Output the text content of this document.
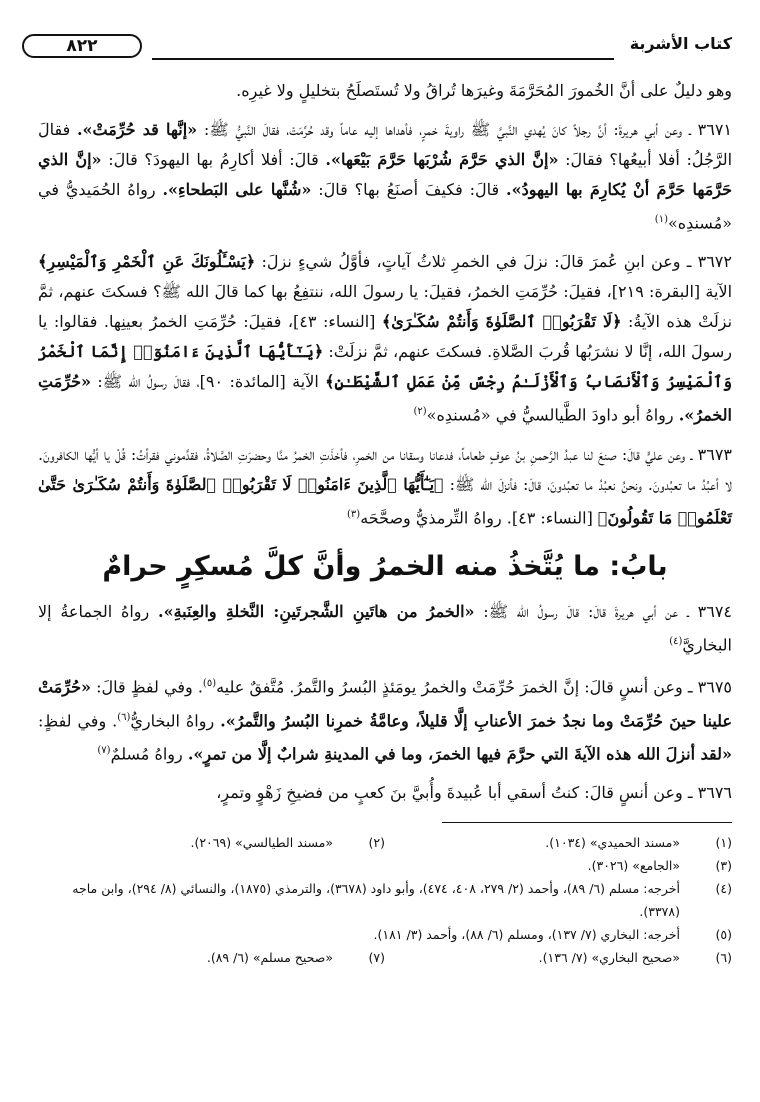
كتاب الأشربة
٨٢٢

وهو دليلٌ على أنَّ الخُمورَ المُحَرَّمَةَ وغيرَها تُراقُ ولا تُستَصلَحُ بتخليلٍ ولا غيرِه.

٣٦٧١ ـ وعن أبي هريرةَ: أنَّ رجلاً كانَ يُهدي النَّبيَّ ﷺ راويةَ خمرٍ، فأهداها إليه عاماً وقد حُرِّمَتْ، فقالَ النَّبيُّ ﷺ: «إنَّها قد حُرِّمَتْ». فقالَ الرَّجُلُ: أفلا أبيعُها؟ فقالَ: «إنَّ الذي حَرَّمَ شُرْبَها حَرَّمَ بَيْعَها». قالَ: أفلا أكارِمُ بها اليهودَ؟ قالَ: «إنَّ الذي حَرَّمَها حَرَّمَ أنْ يُكارِمَ بها اليهودُ». قالَ: فكيفَ أصنَعُ بها؟ قالَ: «شُنَّها على البَطحاءِ». رواهُ الحُمَيديُّ في «مُسندِه»$^{(١)}$

٣٦٧٢ ـ وعن ابنِ عُمرَ قالَ: نزلَ في الخمرِ ثلاثُ آياتٍ، فأوَّلُ شيءٍ نزلَ: ﴿يَسْـَٔلُونَكَ عَنِ ٱلْخَمْرِ وَٱلْمَيْسِرِ﴾ الآية [البقرة: ٢١٩]، فقيلَ: حُرِّمَتِ الخمرُ، فقيلَ: يا رسولَ الله، ننتفِعُ بها كما قالَ الله ﷺ؟ فسكتَ عنهم، ثمَّ نزلَتْ هذه الآيةُ: ﴿لَا تَقْرَبُوا۟ ٱلصَّلَوٰةَ وَأَنتُمْ سُكَـٰرَىٰ﴾ [النساء: ٤٣]، فقيلَ: حُرِّمَتِ الخمرُ بعينِها. فقالوا: يا رسولَ الله، إنَّا لا نشرَبُها قُربَ الصَّلاةِ. فسكتَ عنهم، ثمَّ نزلَتْ: ﴿يَـٰٓأَيُّهَا ٱلَّذِينَ ءَامَنُوٓا۟ إِنَّمَا ٱلْخَمْرُ وَٱلْمَيْسِرُ وَٱلْأَنصَابُ وَٱلْأَزْلَـٰمُ رِجْسٌ مِّنْ عَمَلِ ٱلشَّيْطَـٰنِ﴾ الآية [المائدة: ٩٠]، فقالَ رسولُ الله ﷺ: «حُرِّمَتِ الخمرُ». رواهُ أبو داودَ الطَّيالسيُّ في «مُسندِه»$^{(٢)}$

٣٦٧٣ ـ وعن عليٍّ قالَ: صنعَ لنا عبدُ الرَّحمنِ بنُ عوفٍ طعاماً، فدعانا وسقانا من الخمرِ، فأخذَتِ الخمرُ منَّا وحضرَتِ الصَّلاةُ، فقدَّموني فقرأتُ: قُلْ يا أيُّها الكافرونَ. لا أعبُدُ ما تعبُدونَ. ونحنُ نعبُدُ ما تعبُدونَ، قالَ: فأنزلَ الله ﷺ: ﴿يَـٰٓأَيُّهَا ٱلَّذِينَ ءَامَنُوا۟ لَا تَقْرَبُوا۟ ٱلصَّلَوٰةَ وَأَنتُمْ سُكَـٰرَىٰ حَتَّىٰ تَعْلَمُوا۟ مَا تَقُولُونَ﴾ [النساء: ٤٣]. رواهُ التِّرمذيُّ وصحَّحَه$^{(٣)}$

بابُ: ما يُتَّخذُ منه الخمرُ وأنَّ كلَّ مُسكِرٍ حرامٌ

٣٦٧٤ ـ عن أبي هريرةَ قالَ: قالَ رسولُ الله ﷺ: «الخمرُ من هاتَينِ الشَّجرتَينِ: النَّخلةِ والعِنَبةِ». رواهُ الجماعةُ إلا البخاريَّ$^{(٤)}$

٣٦٧٥ ـ وعن أنسٍ قالَ: إنَّ الخمرَ حُرِّمَتْ والخمرُ يومَئذٍ البُسرُ والتَّمرُ. مُتَّفقٌ عليه$^{(٥)}$. وفي لفظٍ قالَ: «حُرِّمَتْ علينا حينَ حُرِّمَتْ وما نجدُ خمرَ الأعنابِ إلَّا قليلاً، وعامَّةُ خمرِنا البُسرُ والتَّمرُ». رواهُ البخاريُّ$^{(٦)}$. وفي لفظٍ: «لقد أنزلَ الله هذه الآيةَ التي حرَّمَ فيها الخمرَ، وما في المدينةِ شرابٌ إلَّا من تمرٍ». رواهُ مُسلمٌ$^{(٧)}$

٣٦٧٦ ـ وعن أنسٍ قالَ: كنتُ أسقي أبا عُبيدةَ وأُبيَّ بنَ كعبٍ من فضيخِ زَهْوٍ وتمرٍ،

(١)
«مسند الحميدي» (١٠٣٤).
(٢)
«مسند الطيالسي» (٢٠٦٩).
(٣)
«الجامع» (٣٠٢٦).
(٤)
أخرجه: مسلم (٦/ ٨٩)، وأحمد (٢/ ٢٧٩، ٤٠٨، ٤٧٤)، وأبو داود (٣٦٧٨)، والترمذي (١٨٧٥)، والنسائي (٨/ ٢٩٤)، وابن ماجه (٣٣٧٨).
(٥)
أخرجه: البخاري (٧/ ١٣٧)، ومسلم (٦/ ٨٨)، وأحمد (٣/ ١٨١).
(٦)
«صحيح البخاري» (٧/ ١٣٦).
(٧)
«صحيح مسلم» (٦/ ٨٩).
